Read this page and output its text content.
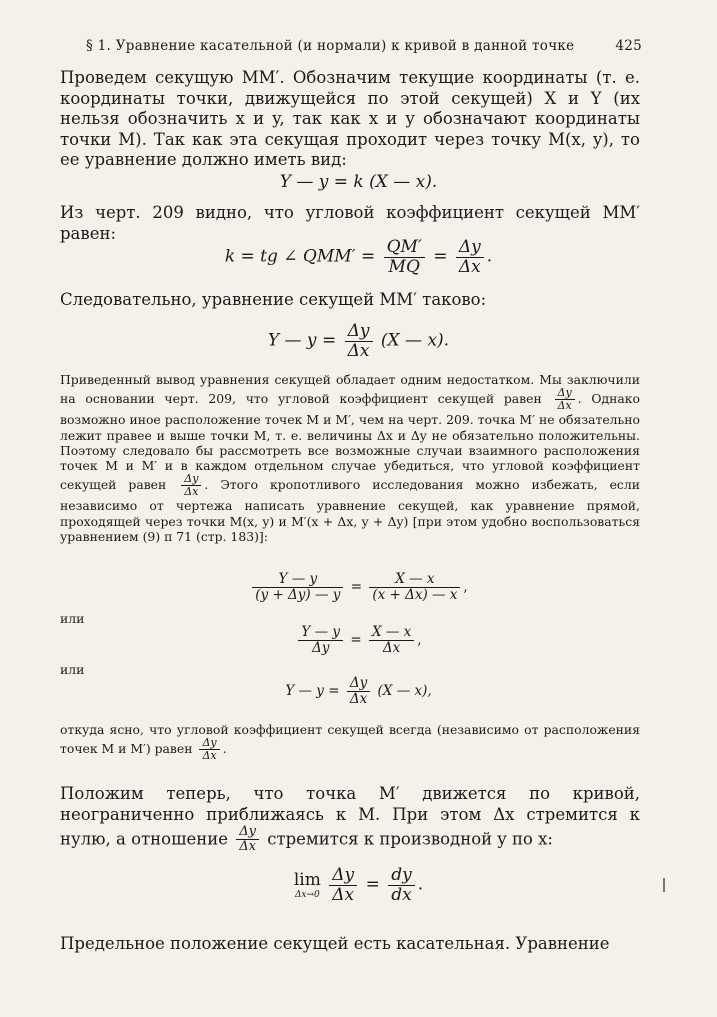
§ 1. Уравнение касательной (и нормали) к кривой в данной точке	425
Проведем секущую MM′. Обозначим текущие координаты (т. е. координаты точки, движущейся по этой секущей) X и Y (их нельзя обозначить x и y, так как x и y обозначают координаты точки M). Так как эта секущая проходит через точку M(x, y), то ее уравнение должно иметь вид:
Y — y = k (X — x).
Из черт. 209 видно, что угловой коэффициент секущей MM′ равен:
k = tg ∠ $QMM' = \frac{QM'}{MQ} = \frac{\Delta y}{\Delta x}$ .
Следовательно, уравнение секущей MM′ таково:
Y — $y = \frac{\Delta y}{\Delta x} (X$ — x).
Приведенный вывод уравнения секущей обладает одним недостатком. Мы заключили на основании черт. 209, что угловой коэффициент секущей равен $\frac{\Delta y}{\Delta x}$ . Однако возможно иное расположение точек M и M′, чем на черт. 209. точка M′ не обязательно лежит правее и выше точки M, т. е. величины Δx и Δy не обязательно положительны. Поэтому следовало бы рассмотреть все возможные случаи взаимного расположения точек M и M′ и в каждом отдельном случае убедиться, что угловой коэффициент секущей равен $\frac{\Delta y}{\Delta x}$ . Этого кропотливого исследования можно избежать, если независимо от чертежа написать уравнение секущей, как уравнение прямой, проходящей через точки M(x, y) и M′(x + Δx, y + Δy) [при этом удобно воспользоваться уравнением (9) п 71 (стр. 183)]:
$\frac{Y — y}{(y + \Delta y) — y} = \frac{X — x}{(x + \Delta x) — x}$ ,
или
$\frac{Y — y}{\Delta y} = \frac{X — x}{\Delta x}$ ,
или
Y — $y = \frac{\Delta y}{\Delta x} (X$ — x),
откуда ясно, что угловой коэффициент секущей всегда (независимо от расположения точек M и M′) равен $\frac{\Delta y}{\Delta x}$ .
Положим теперь, что точка M′ движется по кривой, неограниченно приближаясь к M. При этом Δx стремится к нулю, а отношение $\frac{\Delta y}{\Delta x}$ стремится к производной y по x:
lim
Δx→0
$\frac{\Delta y}{\Delta x} = \frac{dy}{dx}$ .
Предельное положение секущей есть касательная. Уравнение
